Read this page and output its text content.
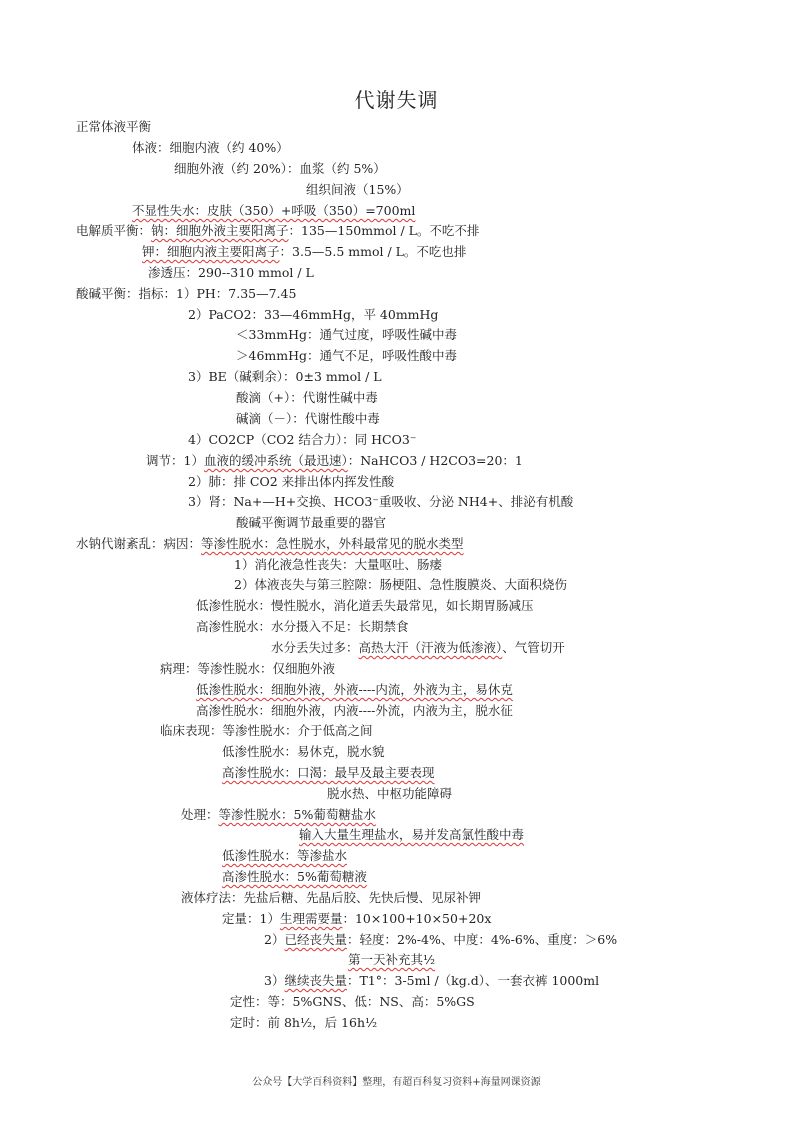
代谢失调
正常体液平衡
体液：细胞内液（约 40%）
细胞外液（约 20%）：血浆（约 5%）
组织间液（15%）
不显性失水：皮肤（350）+呼吸（350）=700ml
电解质平衡：钠：细胞外液主要阳离子：135—150mmol / L。不吃不排
钾：细胞内液主要阳离子：3.5—5.5 mmol / L。不吃也排
渗透压：290--310 mmol / L
酸碱平衡：指标：1）PH：7.35—7.45
2）PaCO2：33—46mmHg，平 40mmHg
＜33mmHg：通气过度，呼吸性碱中毒
＞46mmHg：通气不足，呼吸性酸中毒
3）BE（碱剩余）：0±3 mmol / L
酸滴（+）：代谢性碱中毒
碱滴（－）：代谢性酸中毒
4）CO2CP（CO2 结合力）：同 HCO3⁻
调节：1）血液的缓冲系统（最迅速）：NaHCO3 / H2CO3=20：1
2）肺：排 CO2 来排出体内挥发性酸
3）肾：Na+—H+交换、HCO3⁻重吸收、分泌 NH4+、排泌有机酸
酸碱平衡调节最重要的器官
水钠代谢紊乱：病因：等渗性脱水：急性脱水，外科最常见的脱水类型
1）消化液急性丧失：大量呕吐、肠瘘
2）体液丧失与第三腔隙：肠梗阻、急性腹膜炎、大面积烧伤
低渗性脱水：慢性脱水，消化道丢失最常见，如长期胃肠减压
高渗性脱水：水分摄入不足：长期禁食
水分丢失过多：高热大汗（汗液为低渗液）、气管切开
病理：等渗性脱水：仅细胞外液
低渗性脱水：细胞外液，外液----内流，外液为主，易休克
高渗性脱水：细胞外液，内液----外流，内液为主，脱水征
临床表现：等渗性脱水：介于低高之间
低渗性脱水：易休克，脱水貌
高渗性脱水：口渴：最早及最主要表现
脱水热、中枢功能障碍
处理：等渗性脱水：5%葡萄糖盐水
输入大量生理盐水，易并发高氯性酸中毒
低渗性脱水：等渗盐水
高渗性脱水：5%葡萄糖液
液体疗法：先盐后糖、先晶后胶、先快后慢、见尿补钾
定量：1）生理需要量：10×100+10×50+20x
2）已经丧失量：轻度：2%-4%、中度：4%-6%、重度：＞6%
第一天补充其½
3）继续丧失量：T1°：3-5ml /（kg.d）、一套衣裤 1000ml
定性：等：5%GNS、低：NS、高：5%GS
定时：前 8h½，后 16h½
公众号【大学百科资料】整理，有超百科复习资料+海量网课资源
